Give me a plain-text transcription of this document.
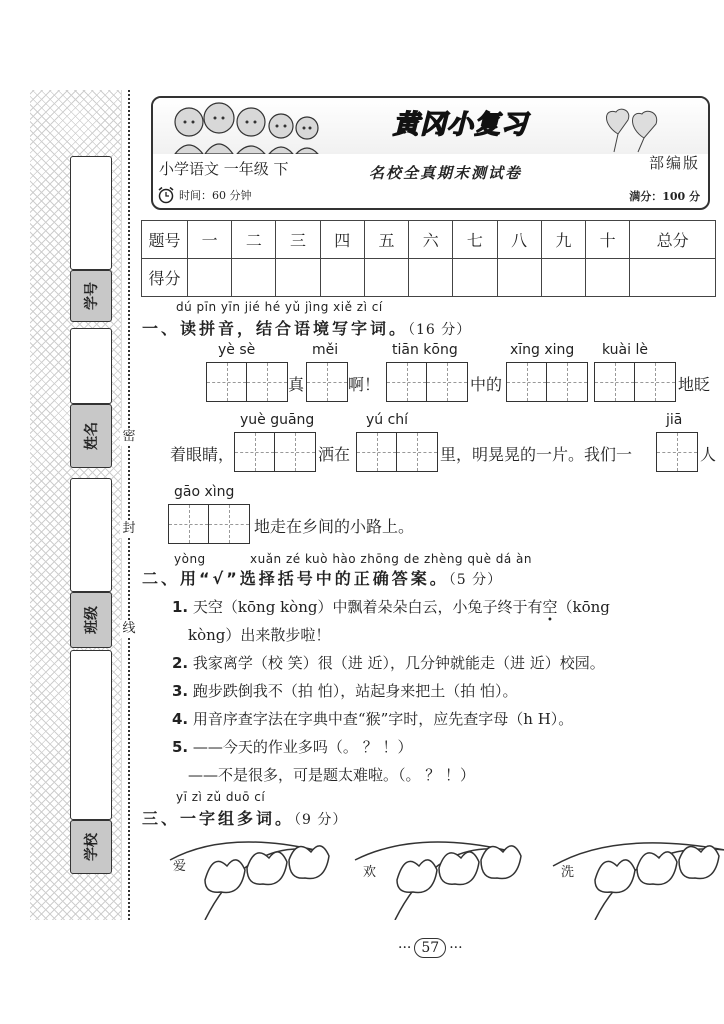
学号
姓名
班级
学校
密
封
线
黄冈小复习
小学语文 一年级 下	名校全真期末测试卷
部编版
时间：60 分钟	满分：100 分
题号	一	二	三	四	五	六	七	八	九	十	总分
得分											
dú pīn yīn jié hé yǔ jìng xiě zì cí
一、读拼音，结合语境写字词。（16 分）
yè sè	měi	tiān kōng	xīng xing kuài lè
真	啊！	中的	地眨
yuè guāng	yú chí	jiā
着眼睛，	洒在	里，明晃晃的一片。我们一	人
gāo xìng
地走在乡间的小路上。
yòng	xuǎn zé kuò hào zhōng de zhèng què dá àn
二、用“√”选择括号中的正确答案。（5 分）
1. 天空（kōng kòng）中飘着朵朵白云，小兔子终于有空（kōng
kòng）出来散步啦！
2. 我家离学（校 笑）很（进 近），几分钟就能走（进 近）校园。
3. 跑步跌倒我不（拍 怕），站起身来把土（拍 怕）。
4. 用音序查字法在字典中查“猴”字时，应先查字母（h H）。
5. ——今天的作业多吗（。 ？ ！）
——不是很多，可是题太难啦。（。 ？ ！）
yī zì zǔ duō cí
三、一字组多词。（9 分）
爱	欢	洗
··· 57 ···
